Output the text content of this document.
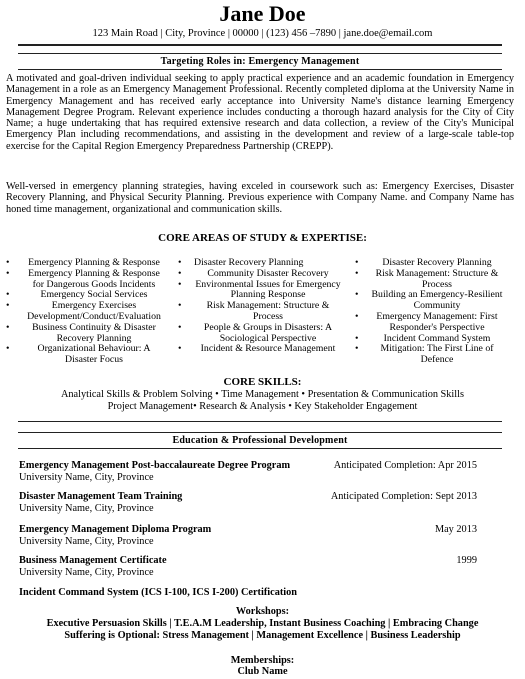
Jane Doe
123 Main Road | City, Province | 00000 | (123) 456 –7890 | jane.doe@email.com
Targeting Roles in: Emergency Management
A motivated and goal-driven individual seeking to apply practical experience and an academic foundation in Emergency Management in a role as an Emergency Management Professional. Recently completed diploma at the University Name in Emergency Management and has received early acceptance into University Name's distance learning Emergency Management Degree Program. Relevant experience includes conducting a thorough hazard analysis for the City of City Name; a huge undertaking that has required extensive research and data collection, a review of the City's Municipal Emergency Plan including recommendations, and assisting in the development and review of a large-scale table-top exercise for the Capital Region Emergency Preparedness Partnership (CREPP).
Well-versed in emergency planning strategies, having exceled in coursework such as: Emergency Exercises, Disaster Recovery Planning, and Physical Security Planning. Previous experience with Company Name. and Company Name has honed time management, organizational and communication skills.
CORE AREAS OF STUDY & EXPERTISE:
• Emergency Planning & Response
• Emergency Planning & Response for Dangerous Goods Incidents
• Emergency Social Services
• Emergency Exercises Development/Conduct/Evaluation
• Business Continuity & Disaster Recovery Planning
• Organizational Behaviour: A Disaster Focus
• Disaster Recovery Planning
• Community Disaster Recovery
• Environmental Issues for Emergency Planning Response
• Risk Management: Structure & Process
• People & Groups in Disasters: A Sociological Perspective
• Incident & Resource Management
• Disaster Recovery Planning
• Risk Management: Structure & Process
• Building an Emergency-Resilient Community
• Emergency Management: First Responder's Perspective
• Incident Command System
• Mitigation: The First Line of Defence
CORE SKILLS:
Analytical Skills & Problem Solving • Time Management • Presentation & Communication Skills
Project Management• Research & Analysis • Key Stakeholder Engagement
Education & Professional Development
Emergency Management Post-baccalaureate Degree Program
University Name, City, Province
Anticipated Completion: Apr 2015
Disaster Management Team Training
University Name, City, Province
Anticipated Completion: Sept 2013
Emergency Management Diploma Program
University Name, City, Province
May 2013
Business Management Certificate
University Name, City, Province
1999
Incident Command System (ICS I-100, ICS I-200) Certification
Workshops:
Executive Persuasion Skills | T.E.A.M Leadership, Instant Business Coaching | Embracing Change
Suffering is Optional: Stress Management | Management Excellence | Business Leadership
Memberships:
Club Name
